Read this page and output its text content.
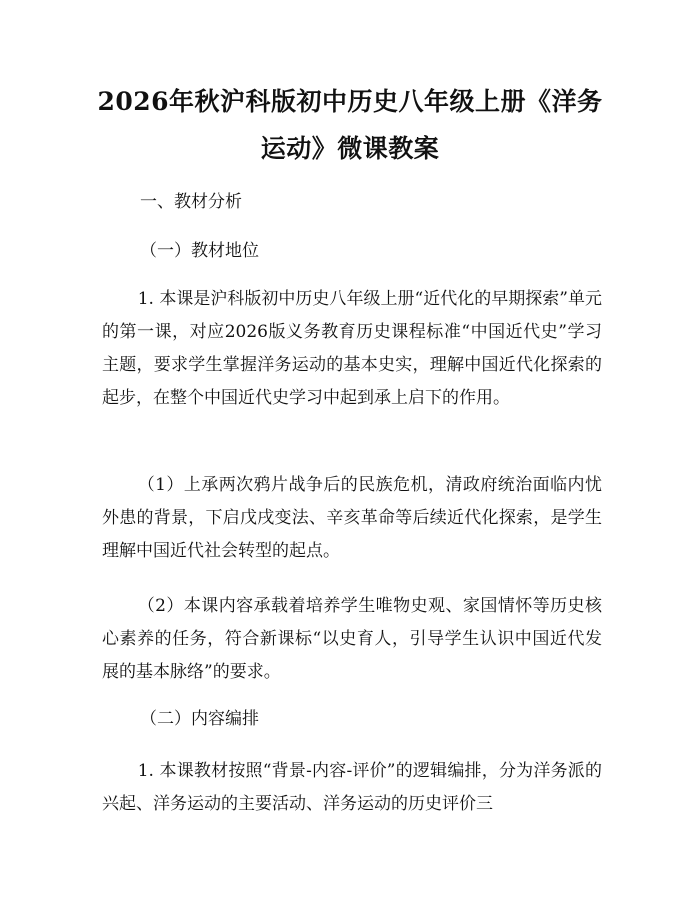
2026年秋沪科版初中历史八年级上册《洋务运动》微课教案

一、教材分析

（一）教材地位

1. 本课是沪科版初中历史八年级上册“近代化的早期探索”单元的第一课，对应2026版义务教育历史课程标准“中国近代史”学习主题，要求学生掌握洋务运动的基本史实，理解中国近代化探索的起步，在整个中国近代史学习中起到承上启下的作用。

（1）上承两次鸦片战争后的民族危机，清政府统治面临内忧外患的背景，下启戊戌变法、辛亥革命等后续近代化探索，是学生理解中国近代社会转型的起点。

（2）本课内容承载着培养学生唯物史观、家国情怀等历史核心素养的任务，符合新课标“以史育人，引导学生认识中国近代发展的基本脉络”的要求。

（二）内容编排

1. 本课教材按照“背景-内容-评价”的逻辑编排，分为洋务派的兴起、洋务运动的主要活动、洋务运动的历史评价三
